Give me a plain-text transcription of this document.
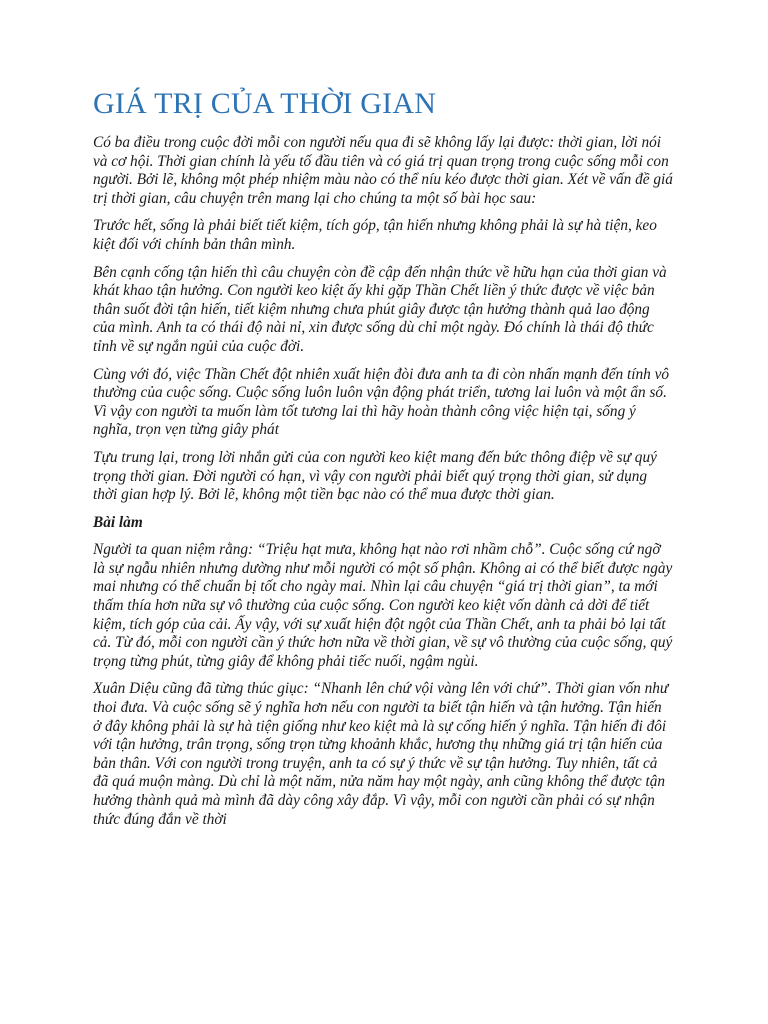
GIÁ TRỊ CỦA THỜI GIAN

Có ba điều trong cuộc đời mỗi con người nếu qua đi sẽ không lấy lại được: thời gian, lời nói và cơ hội. Thời gian chính là yếu tố đầu tiên và có giá trị quan trọng trong cuộc sống mỗi con người. Bởi lẽ, không một phép nhiệm màu nào có thể níu kéo được thời gian. Xét về vấn đề giá trị thời gian, câu chuyện trên mang lại cho chúng ta một số bài học sau:

Trước hết, sống là phải biết tiết kiệm, tích góp, tận hiến nhưng không phải là sự hà tiện, keo kiệt đối với chính bản thân mình.

Bên cạnh cống tận hiến thì câu chuyện còn đề cập đến nhận thức về hữu hạn của thời gian và khát khao tận hưởng. Con người keo kiệt ấy khi gặp Thần Chết liền ý thức được về việc bản thân suốt đời tận hiến, tiết kiệm nhưng chưa phút giây được tận hưởng thành quả lao động của mình. Anh ta có thái độ nài nỉ, xin được sống dù chỉ một ngày. Đó chính là thái độ thức tỉnh về sự ngắn ngủi của cuộc đời.

Cùng với đó, việc Thần Chết đột nhiên xuất hiện đòi đưa anh ta đi còn nhấn mạnh đến tính vô thường của cuộc sống. Cuộc sống luôn luôn vận động phát triển, tương lai luôn và một ẩn số. Vì vậy con người ta muốn làm tốt tương lai thì hãy hoàn thành công việc hiện tại, sống ý nghĩa, trọn vẹn từng giây phát

Tựu trung lại, trong lời nhắn gửi của con người keo kiệt mang đến bức thông điệp về sự quý trọng thời gian. Đời người có hạn, vì vậy con người phải biết quý trọng thời gian, sử dụng thời gian hợp lý. Bởi lẽ, không một tiền bạc nào có thể mua được thời gian.

Bài làm

Người ta quan niệm rằng: “Triệu hạt mưa, không hạt nào rơi nhầm chỗ”. Cuộc sống cứ ngỡ là sự ngẫu nhiên nhưng dường như mỗi người có một số phận. Không ai có thể biết được ngày mai nhưng có thể chuẩn bị tốt cho ngày mai. Nhìn lại câu chuyện “giá trị thời gian”, ta mới thấm thía hơn nữa sự vô thường của cuộc sống. Con người keo kiệt vốn dành cả dời để tiết kiệm, tích góp của cải. Ấy vậy, với sự xuất hiện đột ngột của Thần Chết, anh ta phải bỏ lại tất cả. Từ đó, mỗi con người cần ý thức hơn nữa về thời gian, về sự vô thường của cuộc sống, quý trọng từng phút, từng giây để không phải tiếc nuối, ngậm ngùi.

Xuân Diệu cũng đã từng thúc giục: “Nhanh lên chứ vội vàng lên với chứ”. Thời gian vốn như thoi đưa. Và cuộc sống sẽ ý nghĩa hơn nếu con người ta biết tận hiến và tận hưởng. Tận hiến ở đây không phải là sự hà tiện giống như keo kiệt mà là sự cống hiến ý nghĩa. Tận hiến đi đôi với tận hưởng, trân trọng, sống trọn từng khoảnh khắc, hương thụ những giá trị tận hiến của bản thân. Với con người trong truyện, anh ta có sự ý thức về sự tận hưởng. Tuy nhiên, tất cả đã quá muộn màng. Dù chỉ là một năm, nửa năm hay một ngày, anh cũng không thể được tận hưởng thành quả mà mình đã dày công xây đắp. Vì vậy, mỗi con người cần phải có sự nhận thức đúng đắn về thời
